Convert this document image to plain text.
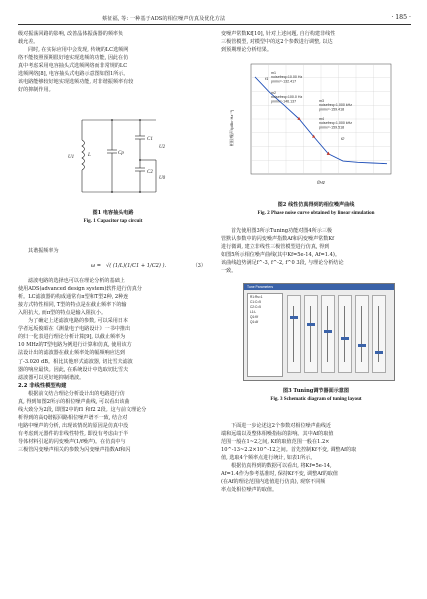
蔡征福, 等: 一种基于ADS的相位噪声仿真及优化方法	· 185 ·

级对振荡回路的影响, 改善晶体振荡器的频率负
载允差。

同时, 在实际应用中会发现, 传统的LC选频网
络不能按照预期很好地实现选频的功能, 因此在仿
真中考虑采用电容抽头式选频网络而非常规的LC
选频网络[8], 电容抽头式电路示意图如图1所示。
该电路能够较好地实现选频功能, 对非谐振频率有较
好的抑制作用。

L	Cp
C1
C2
U1
U2
U0
图1 电容抽头电路
Fig. 1 Capacitor tap circuit

其谐振频率为

ω = √( (1/L)(1/C1 + 1/C2) ).	（3）

滤波电路的选择也可以在理论分析的基础上
使用ADS(advanced design system)软件进行仿真分
析。LC滤波器的构成通常有π型和T型2种, 2种连
接方式特性相同, T型的特点是在截止频率下的输
入阻抗大, 而π型的特点是输入阻抗小。

为了确定上述滤波电路的参数, 可以采用日本
学者远坂俊昭在《测量电子电路设计》一书中推出
的归一化表进行理论分析计算[9], 以截止频率为
10 MHz的T型电路为例进行计算和仿真, 使用该方
法设计出的滤波器在截止频率处的幅频响应达到
了-3.020 dB。相比其他形式滤波器, 切比雪夫滤波
器的响应最快。因此, 在系统设计中选取切比雪夫
滤波器可以更好地抑制谐波。

2.2 非线性模型构建

根据前文结合理论分析设计出的电路进行仿
真, 得到如图2所示的相位噪声曲线, 可以看出该曲
线大致分为2段, 即图2中的f1 和f2 2段。这与前文理论分
析得到的高Q谐振回路相位噪声谱不一致, 结合对
电路中噪声的分析, 出现该情况的原因是仿真中没
有考虑到元器件的非线性特性, 即没有考虑由于半
导体材料引起的闪变噪声(1/f噪声)。在仿真中与
三极管闪变噪声相关的参数为闪变噪声指数Af和闪

变噪声常数Kf[10], 针对上述问题, 自行构建非线性
三极管模型, 对模型中的这2个参数进行调整, 以达
到预期理论分析结果。

m1
noisefreq=10.00 Hz
pnmx=-132.417
m2
noisefreq=100.0 Hz
pnmx=-146.137	m3
noisefreq=1.000 kHz
pnmx=-159.418
m4
noisefreq=1.000 kHz
pnmx=-159.518
相位噪声/(dBc·Hz⁻¹)
f/Hz
f1
f2
图2 线性仿真得到的相位噪声曲线
Fig. 2 Phase noise curve obtained by linear simulation

首先使用图3所示Tuning功能对图4所示三极
管默认参数中的闪变噪声指数Af和闪变噪声常数Kf
进行微调, 建立非线性三极管模型进行仿真, 得到
如图5所示相位噪声曲线(其中Kf=5e-14, Af=1.4)。
该曲线趋势满足f^-3, f^-2, f^0 3段, 与理论分析结论
一致。

Tune Parameters
R1:Rs=1
C1:C=5
C2:C=5
L1:L
Q1:Kf
Q1:Af
图3 Tuning调节器面示意图
Fig. 3 Schematic diagram of tuning layout

下面进一步论述这2个参数对相位噪声曲线近
端和远端以及整体相噪指标的影响。其中Af的取值
范围一般在1~2之间, Kf的取值范围一般在1.2×
10^-13~2.2×10^-12之间。首先控制Kf不变, 调整Af的取
值, 选取4个频率点进行统计, 如表1所示。

根据仿真得到的数据可以看出, 将Kf=5e-14,
Af=1.4作为参考基准时, 保持Kf不变, 调整Af的取值
(在Af的理论范围内选值进行仿真), 观察不同频
率点处相位噪声的取值。
